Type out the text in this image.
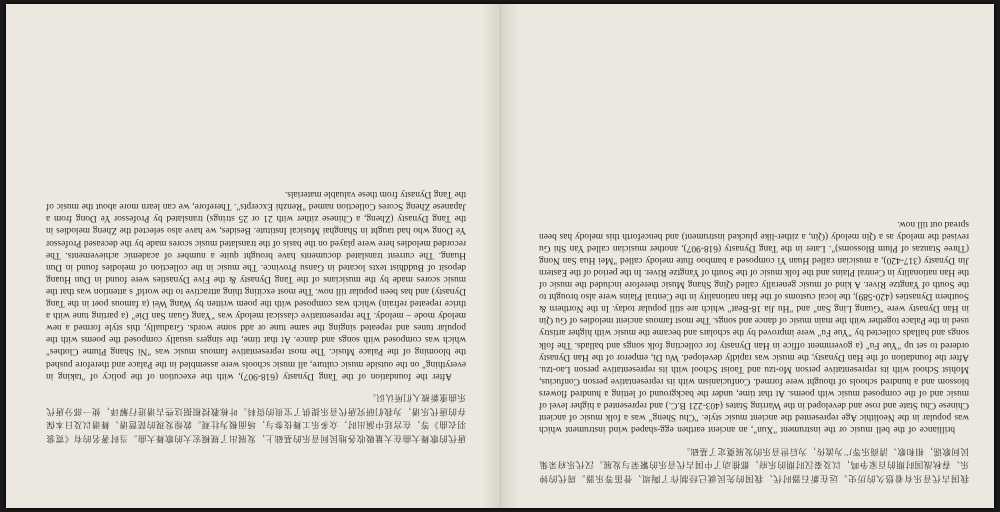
唐代的歌舞大曲在大量吸收各地民间音乐的基础上，发展出了规模宏大的歌舞大曲。当时著名的有《霓裳羽衣曲》等，在宫廷中演出时，众多乐工舞伎参与，场面极为壮观。敦煌发现的琵琶谱、舞谱以及日本保存的唐代乐谱，为我们研究唐代音乐提供了宝贵的资料。叶栋教授根据这些古谱进行解译，使一部分唐代乐曲重新被人们所认识。

After the foundation of the Tang Dynasty (618-907), with the execution of the policy of "taking in everything" on the outside music culture, all music schools were assembled in the Palace and therefore pushed the blooming of the Palace Music. The most representative famous music was "Ni Shang Plume Clothes" which was composed with songs and dance. At that time, the singers usually composed the poems with the popular tunes and repeated singing the same tune or add some words. Gradually, this style formed a new melody mode – melody. The representative classical melody was "Yang Guan San Die" (a parting tune with a thrice repeated refrain) which was composed with the poem written by Wang Wei (a famous poet in the Tang Dynasty) and has been popular till now. The most exciting thing attractive to the world' s attention was that the music scores made by the musicians of the Tang Dynasty & the Five Dynasties were found in Dun Huang deposit of Buddhist texts located in Gansu Province. The music in the collection of melodies found in Dun Huang. The current translated documents have brought quite a number of academic achievements. The recorded melodies here were played on the basis of the translated music scores made by the deceased Professor Ye Dong who had taught in Shanghai Musical Institute. Besides, we have also selected the Zheng melodies in the Tang Dynasty (Zheng, a Chinese zither with 21 or 25 strings) translated by Professor Ye Dong from a Japanese Zheng Scores Collection named "Renzhi Excerpts". Therefore, we can learn more about the music of the Tang Dynasty from these valuable materials.

我国古代音乐有着悠久的历史。远在新石器时代，我国的先民就已经制作了陶埙、骨笛等乐器。周代的钟乐、春秋战国时期的百家争鸣，以及秦汉时期的乐府，都推动了中国古代音乐的繁荣与发展。汉代乐府采集民间歌谣，相和歌、清商乐等广为流传，为后世音乐的发展奠定了基础。

brilliance of the bell music or the instrument "Xun", an ancient earthen egg-shaped wind instrument which was popular in the Neolithic Age represented the ancient music style. "Chu Sheng" was a folk music of ancient Chinese Chu State and rose and developed in the Warring States (403-221 B.C.) and represented a higher level of music and of the composed music with poems. At that time, under the background of letting a hundred flowers blossom and a hundred schools of thought were formed. Confucianism with its representative person Confucius, Mohist School with its representative person Mo-tzu and Taoist School with its representative person Lao-tzu. After the foundation of the Han Dynasty, the music was rapidly developed. Wu Di, emperor of the Han Dynasty ordered to set up "Yue Fu" (a government office in Han Dynasty for collecting folk songs and ballads. The folk songs and ballads collected by "Yue Fu" were improved by the scholars and became the music with higher artistry used in the Palace together with the main music of dance and songs. The most famous ancient melodies of Gu Qin in Han Dynasty were "Guang Ling San" and "Hu Jia 18-Beat" which are still popular today. In the Northern & Southern Dynasties (420-589), the local customs of the Han nationality in the Central Plains were also brought to the South of Yangtze River. A kind of music generally called Qing Shang Music therefore included the music of the Han nationality in Central Plains and the folk music of the South of Yangtze River. In the period of the Eastern Jin Dynasty (317-420), a musician called Huan Yi composed a bamboo flute melody called "Mei Hua San Nong (Three Stanzas of Plum Blossoms)". Later in the Tang Dynasty (618-907), another musician called Yan Shi Gu revised the melody as a Qin melody (Qin, a zither-like plucked instrument) and henceforth this melody has been spread out till now.
